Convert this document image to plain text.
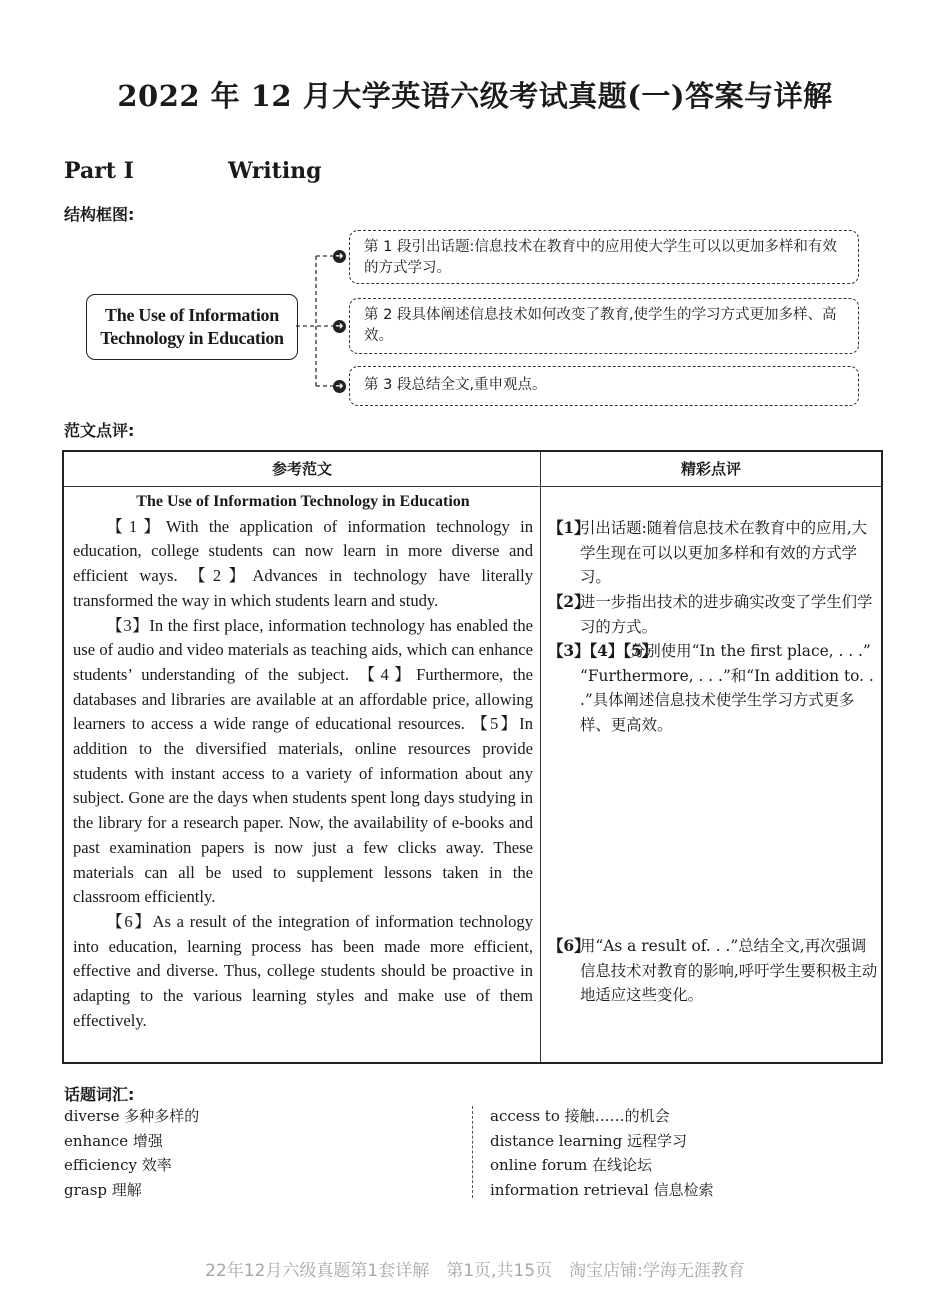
2022 年 12 月大学英语六级考试真题(一)答案与详解
Part Ⅰ	Writing
结构框图:
The Use of Information
Technology in Education
➜
➜
➜
第 1 段引出话题:信息技术在教育中的应用使大学生可以以更加多样和有效的方式学习。
第 2 段具体阐述信息技术如何改变了教育,使学生的学习方式更加多样、高效。
第 3 段总结全文,重申观点。
范文点评:
参考范文	精彩点评
The Use of Information Technology in Education

【1】With the application of information technology in education, college students can now learn in more diverse and efficient ways. 【2】Advances in technology have literally transformed the way in which students learn and study.

【3】In the first place, information technology has enabled the use of audio and video materials as teaching aids, which can enhance students’ understanding of the subject. 【4】Furthermore, the databases and libraries are available at an affordable price, allowing learners to access a wide range of educational resources. 【5】In addition to the diversified materials, online resources provide students with instant access to a variety of information about any subject. Gone are the days when students spent long days studying in the library for a research paper. Now, the availability of e-books and past examination papers is now just a few clicks away. These materials can all be used to supplement lessons taken in the classroom efficiently.

【6】As a result of the integration of information technology into education, learning process has been made more efficient, effective and diverse. Thus, college students should be proactive in adapting to the various learning styles and make use of them effectively.

【1】
引出话题:随着信息技术在教育中的应用,大学生现在可以以更加多样和有效的方式学习。
【2】
进一步指出技术的进步确实改变了学生们学习的方式。
【3】【4】【5】
分别使用“In the first place, . . .” “Furthermore, . . .”和“In addition to. . .”具体阐述信息技术使学生学习方式更多样、更高效。
【6】
用“As a result of. . .”总结全文,再次强调信息技术对教育的影响,呼吁学生要积极主动地适应这些变化。
话题词汇:
diverse 多种多样的
enhance 增强
efficiency 效率
grasp 理解
access to 接触……的机会
distance learning 远程学习
online forum 在线论坛
information retrieval 信息检索
22年12月六级真题第1套详解　第1页,共15页　淘宝店铺:学海无涯教育
